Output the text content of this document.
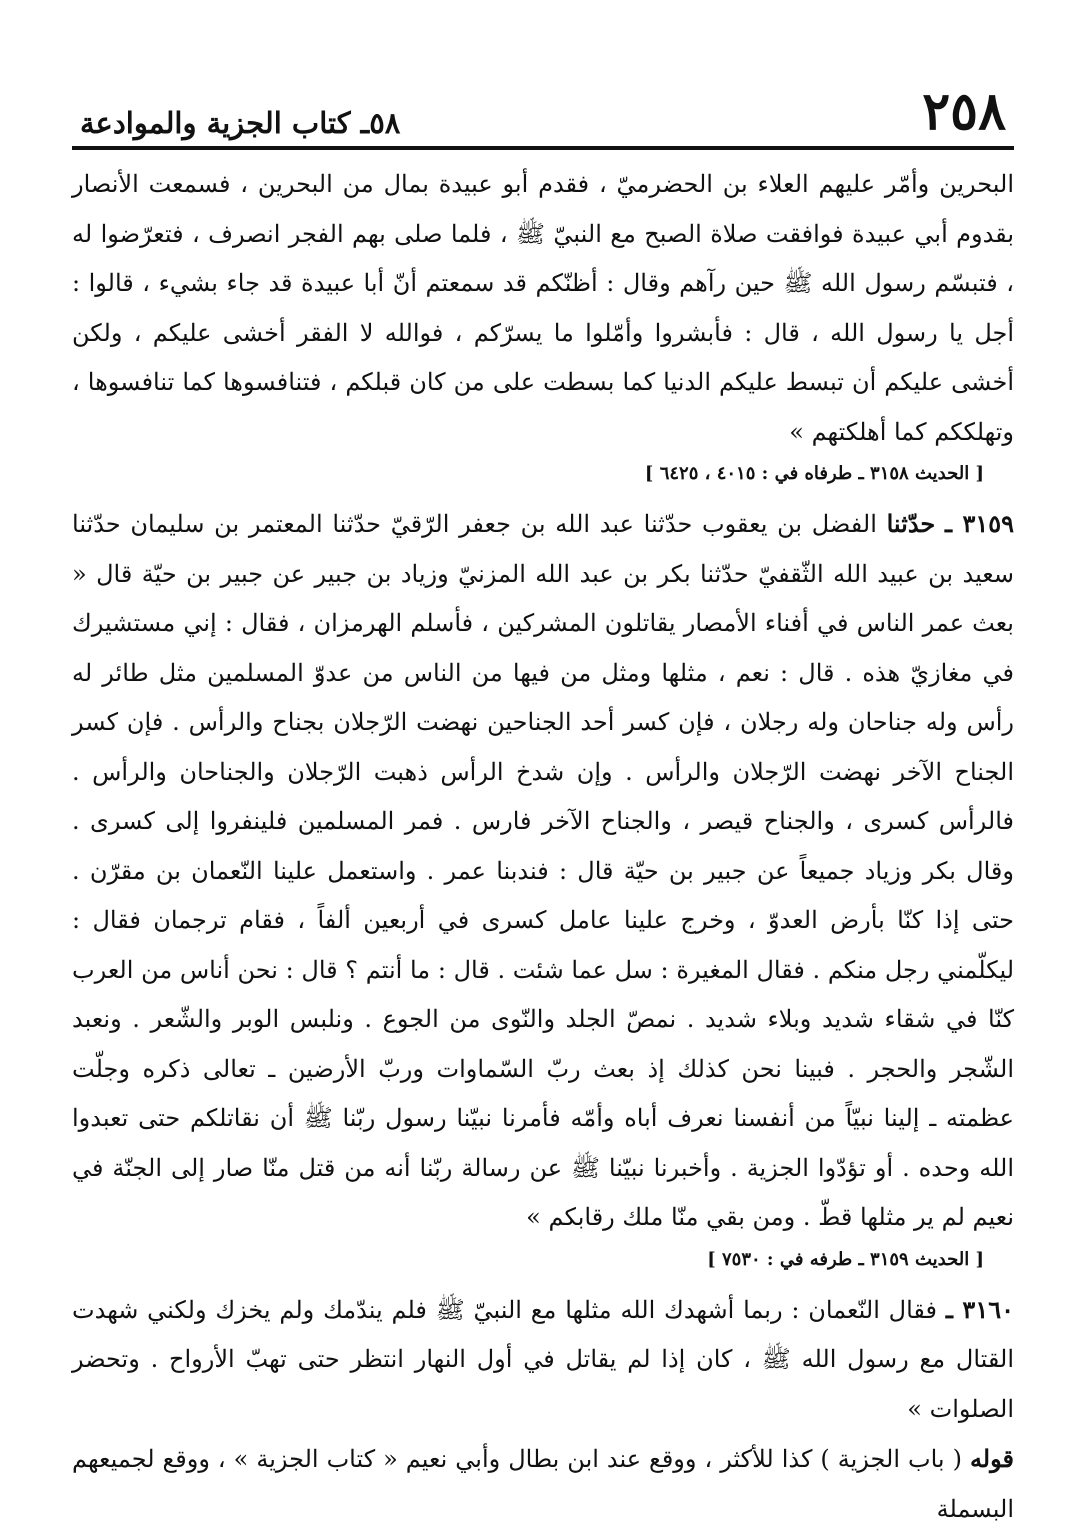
٢٥٨
٥٨ـ كتاب الجزية والموادعة

البحرين وأمّر عليهم العلاء بن الحضرميّ ، فقدم أبو عبيدة بمال من البحرين ، فسمعت الأنصار بقدوم أبي عبيدة فوافقت صلاة الصبح مع النبيّ ﷺ ، فلما صلى بهم الفجر انصرف ، فتعرّضوا له ، فتبسّم رسول الله ﷺ حين رآهم وقال : أظنّكم قد سمعتم أنّ أبا عبيدة قد جاء بشيء ، قالوا : أجل يا رسول الله ، قال : فأبشروا وأمّلوا ما يسرّكم ، فوالله لا الفقر أخشى عليكم ، ولكن أخشى عليكم أن تبسط عليكم الدنيا كما بسطت على من كان قبلكم ، فتنافسوها كما تنافسوها ، وتهلككم كما أهلكتهم »

[ الحديث ٣١٥٨ ـ طرفاه في : ٤٠١٥ ، ٦٤٢٥ ]

٣١٥٩ ـ حدّثنا الفضل بن يعقوب حدّثنا عبد الله بن جعفر الرّقيّ حدّثنا المعتمر بن سليمان حدّثنا سعيد بن عبيد الله الثّقفيّ حدّثنا بكر بن عبد الله المزنيّ وزياد بن جبير عن جبير بن حيّة قال « بعث عمر الناس في أفناء الأمصار يقاتلون المشركين ، فأسلم الهرمزان ، فقال : إني مستشيرك في مغازيّ هذه . قال : نعم ، مثلها ومثل من فيها من الناس من عدوّ المسلمين مثل طائر له رأس وله جناحان وله رجلان ، فإن كسر أحد الجناحين نهضت الرّجلان بجناح والرأس . فإن كسر الجناح الآخر نهضت الرّجلان والرأس . وإن شدخ الرأس ذهبت الرّجلان والجناحان والرأس . فالرأس كسرى ، والجناح قيصر ، والجناح الآخر فارس . فمر المسلمين فلينفروا إلى كسرى . وقال بكر وزياد جميعاً عن جبير بن حيّة قال : فندبنا عمر . واستعمل علينا النّعمان بن مقرّن . حتى إذا كنّا بأرض العدوّ ، وخرج علينا عامل كسرى في أربعين ألفاً ، فقام ترجمان فقال : ليكلّمني رجل منكم . فقال المغيرة : سل عما شئت . قال : ما أنتم ؟ قال : نحن أناس من العرب كنّا في شقاء شديد وبلاء شديد . نمصّ الجلد والنّوى من الجوع . ونلبس الوبر والشّعر . ونعبد الشّجر والحجر . فبينا نحن كذلك إذ بعث ربّ السّماوات وربّ الأرضين ـ تعالى ذكره وجلّت عظمته ـ إلينا نبيّاً من أنفسنا نعرف أباه وأمّه فأمرنا نبيّنا رسول ربّنا ﷺ أن نقاتلكم حتى تعبدوا الله وحده . أو تؤدّوا الجزية . وأخبرنا نبيّنا ﷺ عن رسالة ربّنا أنه من قتل منّا صار إلى الجنّة في نعيم لم ير مثلها قطّ . ومن بقي منّا ملك رقابكم »

[ الحديث ٣١٥٩ ـ طرفه في : ٧٥٣٠ ]

٣١٦٠ ـ فقال النّعمان : ربما أشهدك الله مثلها مع النبيّ ﷺ فلم يندّمك ولم يخزك ولكني شهدت القتال مع رسول الله ﷺ ، كان إذا لم يقاتل في أول النهار انتظر حتى تهبّ الأرواح . وتحضر الصلوات »

قوله ( باب الجزية ) كذا للأكثر ، ووقع عند ابن بطال وأبي نعيم « كتاب الجزية » ، ووقع لجميعهم البسملة
